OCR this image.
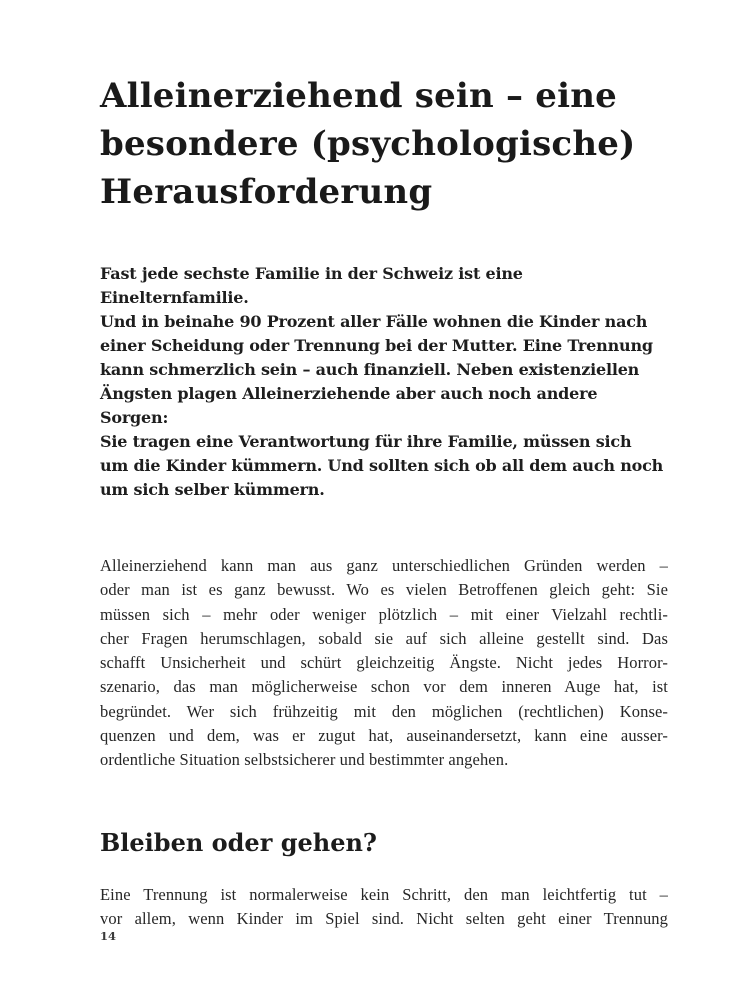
Alleinerziehend sein – eine
besondere (psychologische)
Herausforderung
Fast jede sechste Familie in der Schweiz ist eine Einelternfamilie.
Und in beinahe 90 Prozent aller Fälle wohnen die Kinder nach
einer Scheidung oder Trennung bei der Mutter. Eine Trennung
kann schmerzlich sein – auch finanziell. Neben existenziellen
Ängsten plagen Alleinerziehende aber auch noch andere Sorgen:
Sie tragen eine Verantwortung für ihre Familie, müssen sich
um die Kinder kümmern. Und sollten sich ob all dem auch noch
um sich selber kümmern.
Alleinerziehend kann man aus ganz unterschiedlichen Gründen werden –
oder man ist es ganz bewusst. Wo es vielen Betroffenen gleich geht: Sie
müssen sich – mehr oder weniger plötzlich – mit einer Vielzahl rechtli-
cher Fragen herumschlagen, sobald sie auf sich alleine gestellt sind. Das
schafft Unsicherheit und schürt gleichzeitig Ängste. Nicht jedes Horror-
szenario, das man möglicherweise schon vor dem inneren Auge hat, ist
begründet. Wer sich frühzeitig mit den möglichen (rechtlichen) Konse-
quenzen und dem, was er zugut hat, auseinandersetzt, kann eine ausser-
ordentliche Situation selbstsicherer und bestimmter angehen.
Bleiben oder gehen?
Eine Trennung ist normalerweise kein Schritt, den man leichtfertig tut –
vor allem, wenn Kinder im Spiel sind. Nicht selten geht einer Trennung
14
